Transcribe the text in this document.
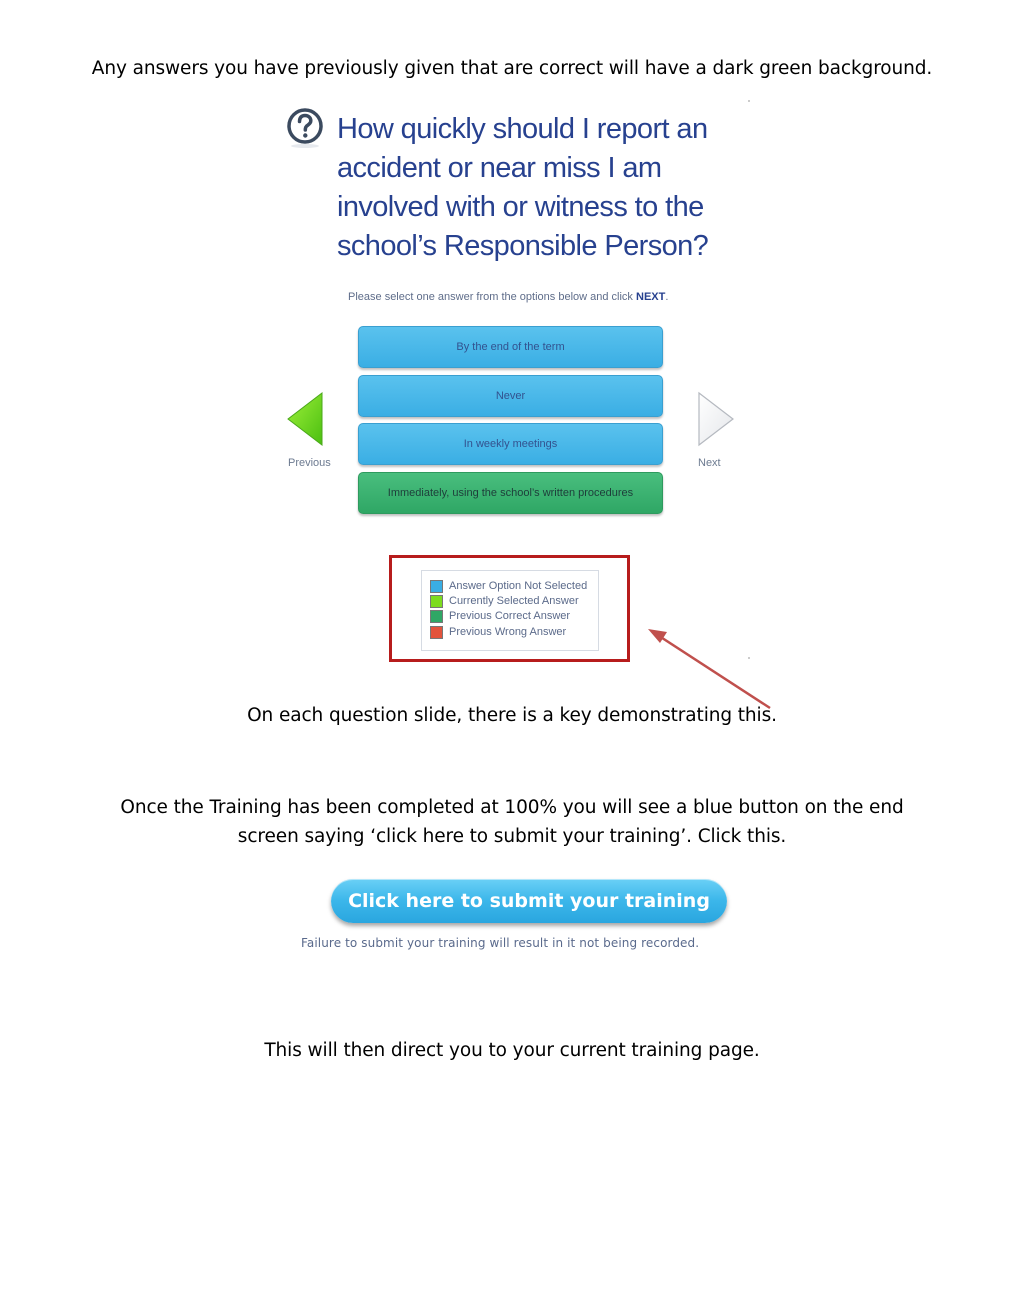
Any answers you have previously given that are correct will have a dark green background.
How quickly should I report an accident or near miss I am involved with or witness to the school’s Responsible Person?
Please select one answer from the options below and click NEXT.
By the end of the term
Never
In weekly meetings
Immediately, using the school’s written procedures
Previous	Next
Answer Option Not Selected
Currently Selected Answer
Previous Correct Answer
Previous Wrong Answer
On each question slide, there is a key demonstrating this.
Once the Training has been completed at 100% you will see a blue button on the end screen saying ‘click here to submit your training’. Click this.
Click here to submit your training
Failure to submit your training will result in it not being recorded.
This will then direct you to your current training page.
